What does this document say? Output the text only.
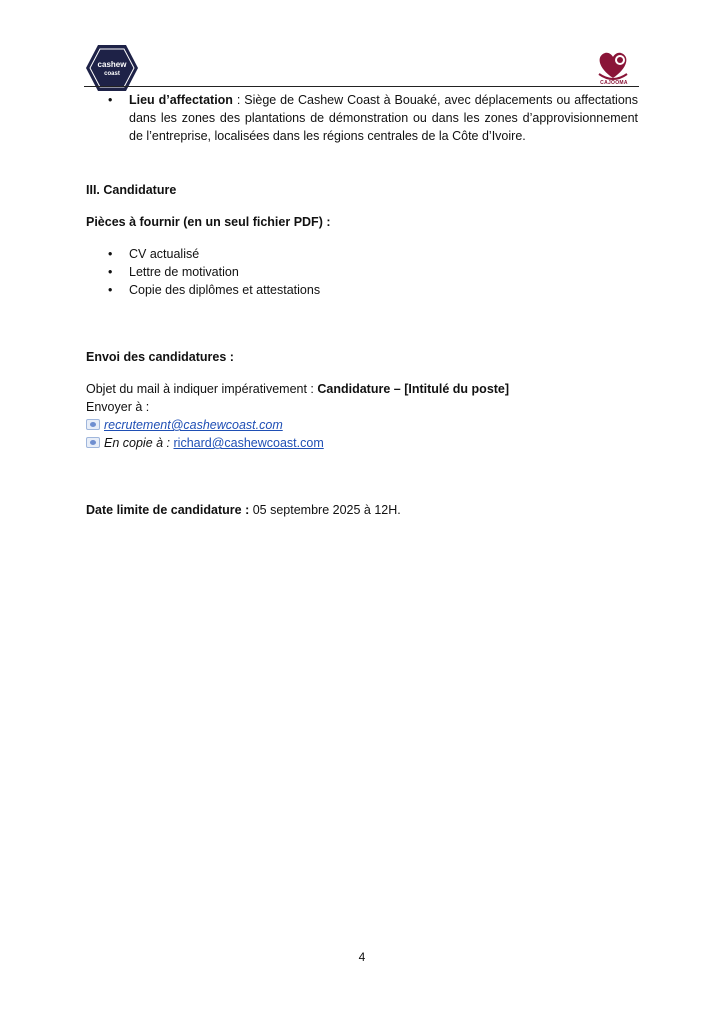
cashew
coast
CAJOOMA
• Lieu d’affectation : Siège de Cashew Coast à Bouaké, avec déplacements ou affectations dans les zones des plantations de démonstration ou dans les zones d’approvisionnement de l’entreprise, localisées dans les régions centrales de la Côte d’Ivoire.
III. Candidature
Pièces à fournir (en un seul fichier PDF) :
• CV actualisé
• Lettre de motivation
• Copie des diplômes et attestations
Envoi des candidatures :
Objet du mail à indiquer impérativement : Candidature – [Intitulé du poste]
Envoyer à :
recrutement@cashewcoast.com
En copie à : richard@cashewcoast.com
Date limite de candidature : 05 septembre 2025 à 12H.
4
